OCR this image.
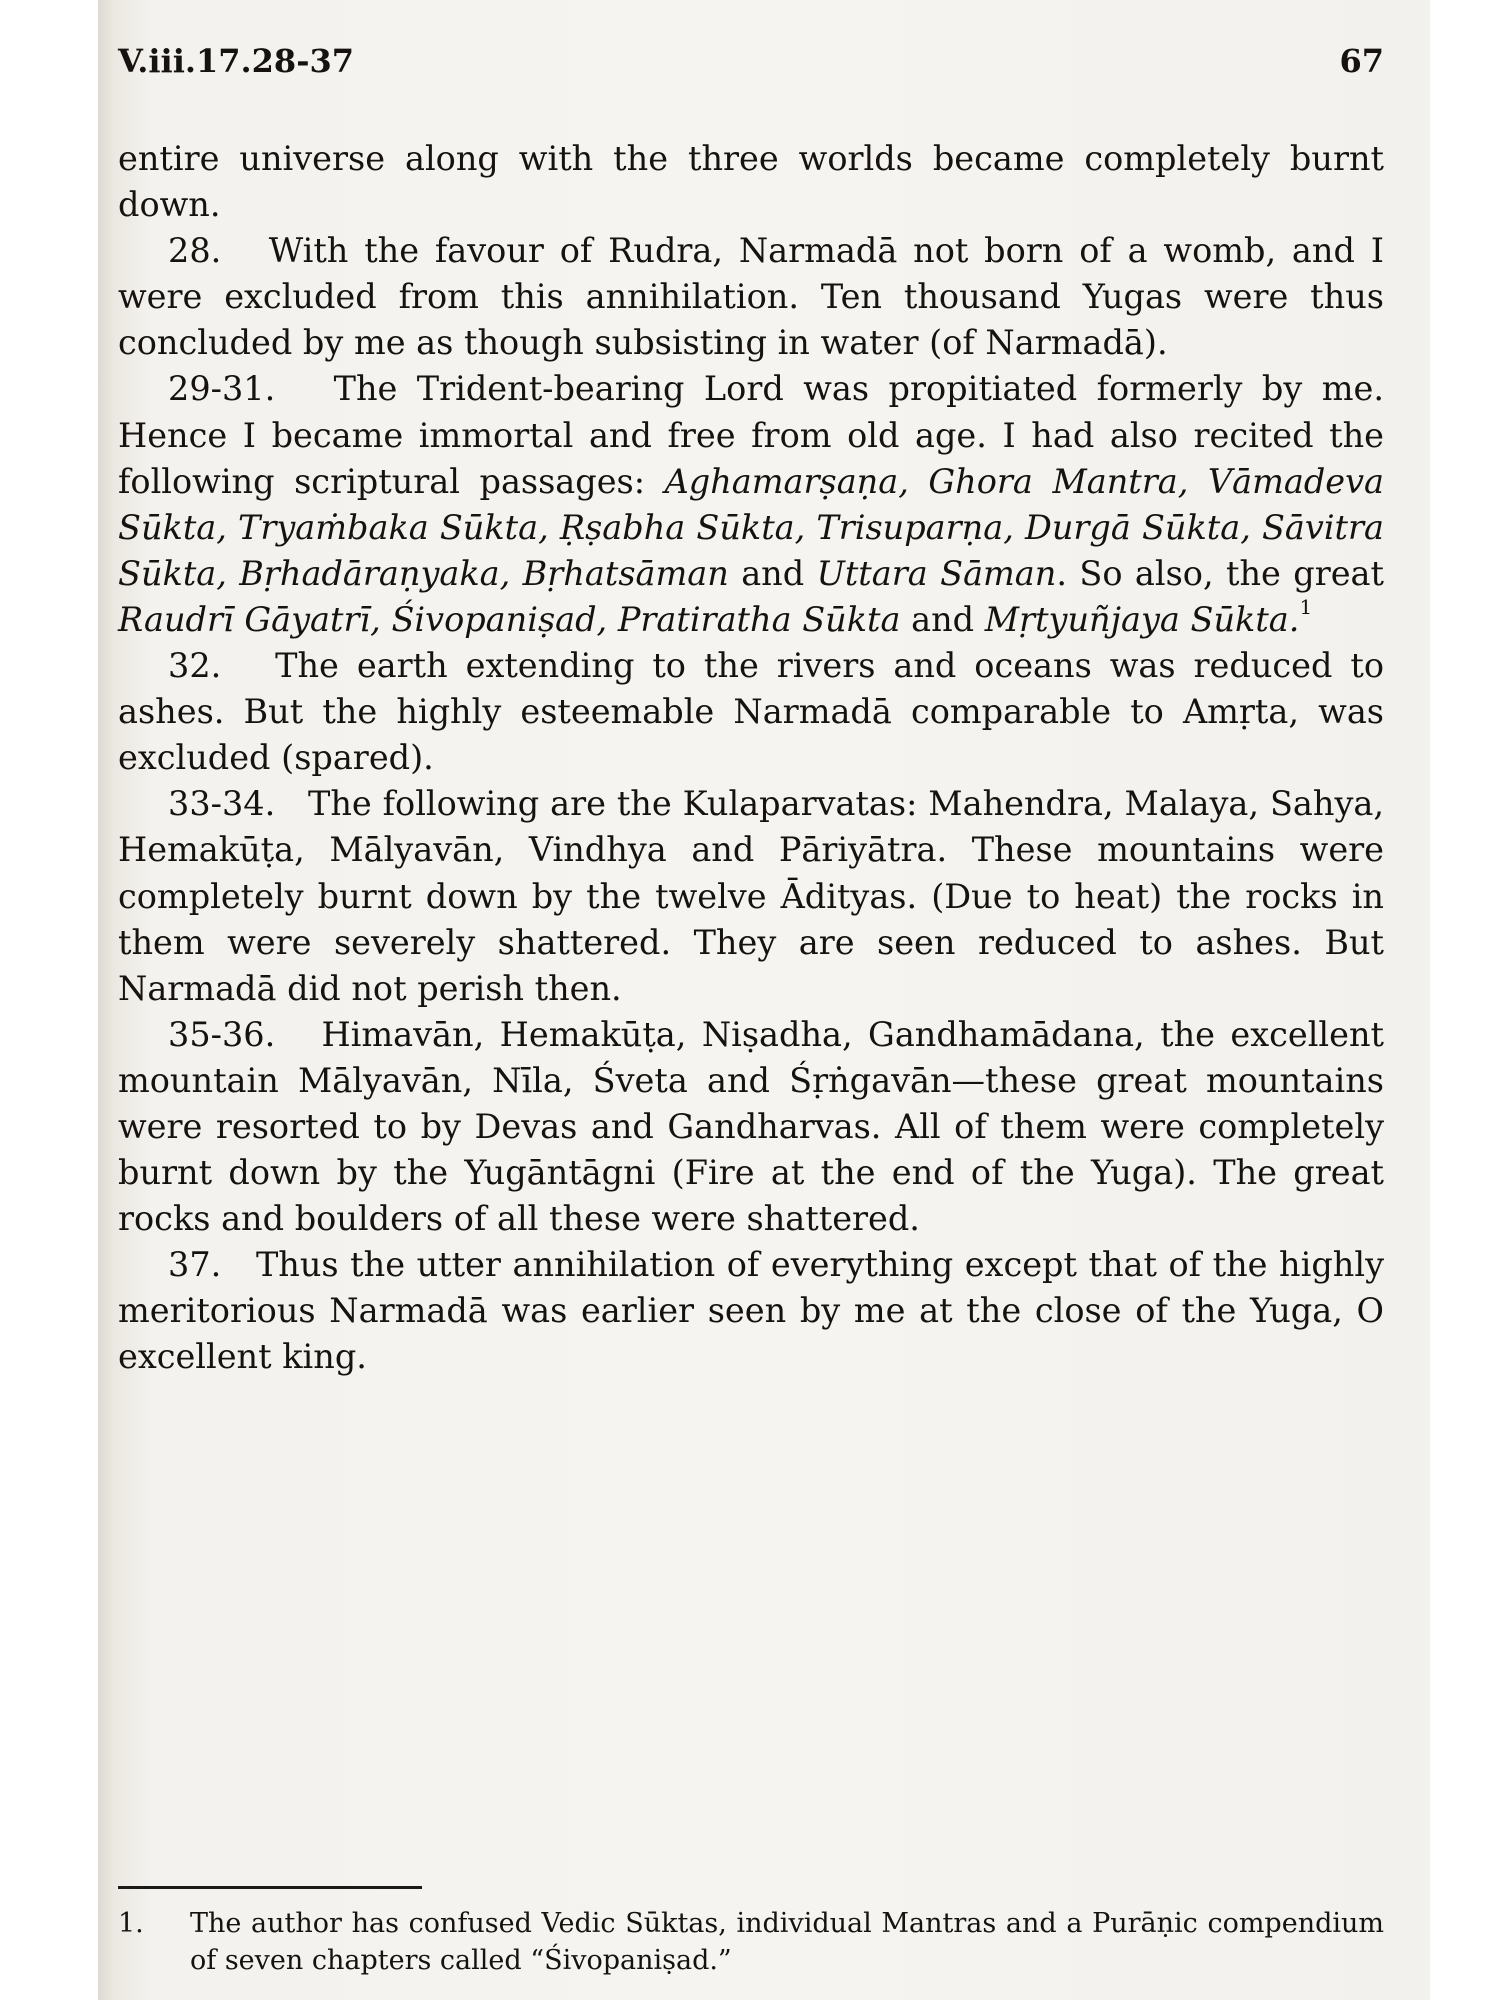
V.iii.17.28-37	67

entire universe along with the three worlds became completely burnt down.

28. With the favour of Rudra, Narmadā not born of a womb, and I were excluded from this annihilation. Ten thousand Yugas were thus concluded by me as though subsisting in water (of Narmadā).

29-31. The Trident-bearing Lord was propitiated formerly by me. Hence I became immortal and free from old age. I had also recited the following scriptural passages: Aghamarṣaṇa, Ghora Mantra, Vāmadeva Sūkta, Tryaṁbaka Sūkta, Ṛṣabha Sūkta, Trisuparṇa, Durgā Sūkta, Sāvitra Sūkta, Bṛhadāraṇyaka, Bṛhatsāman and Uttara Sāman. So also, the great Raudrī Gāyatrī, Śivopaniṣad, Pratiratha Sūkta and Mṛtyuñjaya Sūkta.$^1$

32. The earth extending to the rivers and oceans was reduced to ashes. But the highly esteemable Narmadā comparable to Amṛta, was excluded (spared).

33-34. The following are the Kulaparvatas: Mahendra, Malaya, Sahya, Hemakūṭa, Mālyavān, Vindhya and Pāriyātra. These mountains were completely burnt down by the twelve Ādityas. (Due to heat) the rocks in them were severely shattered. They are seen reduced to ashes. But Narmadā did not perish then.

35-36. Himavān, Hemakūṭa, Niṣadha, Gandhamādana, the excellent mountain Mālyavān, Nīla, Śveta and Śṛṅgavān—these great mountains were resorted to by Devas and Gandharvas. All of them were completely burnt down by the Yugāntāgni (Fire at the end of the Yuga). The great rocks and boulders of all these were shattered.

37. Thus the utter annihilation of everything except that of the highly meritorious Narmadā was earlier seen by me at the close of the Yuga, O excellent king.

1.	The author has confused Vedic Sūktas, individual Mantras and a Purāṇic compendium of seven chapters called “Śivopaniṣad.”
